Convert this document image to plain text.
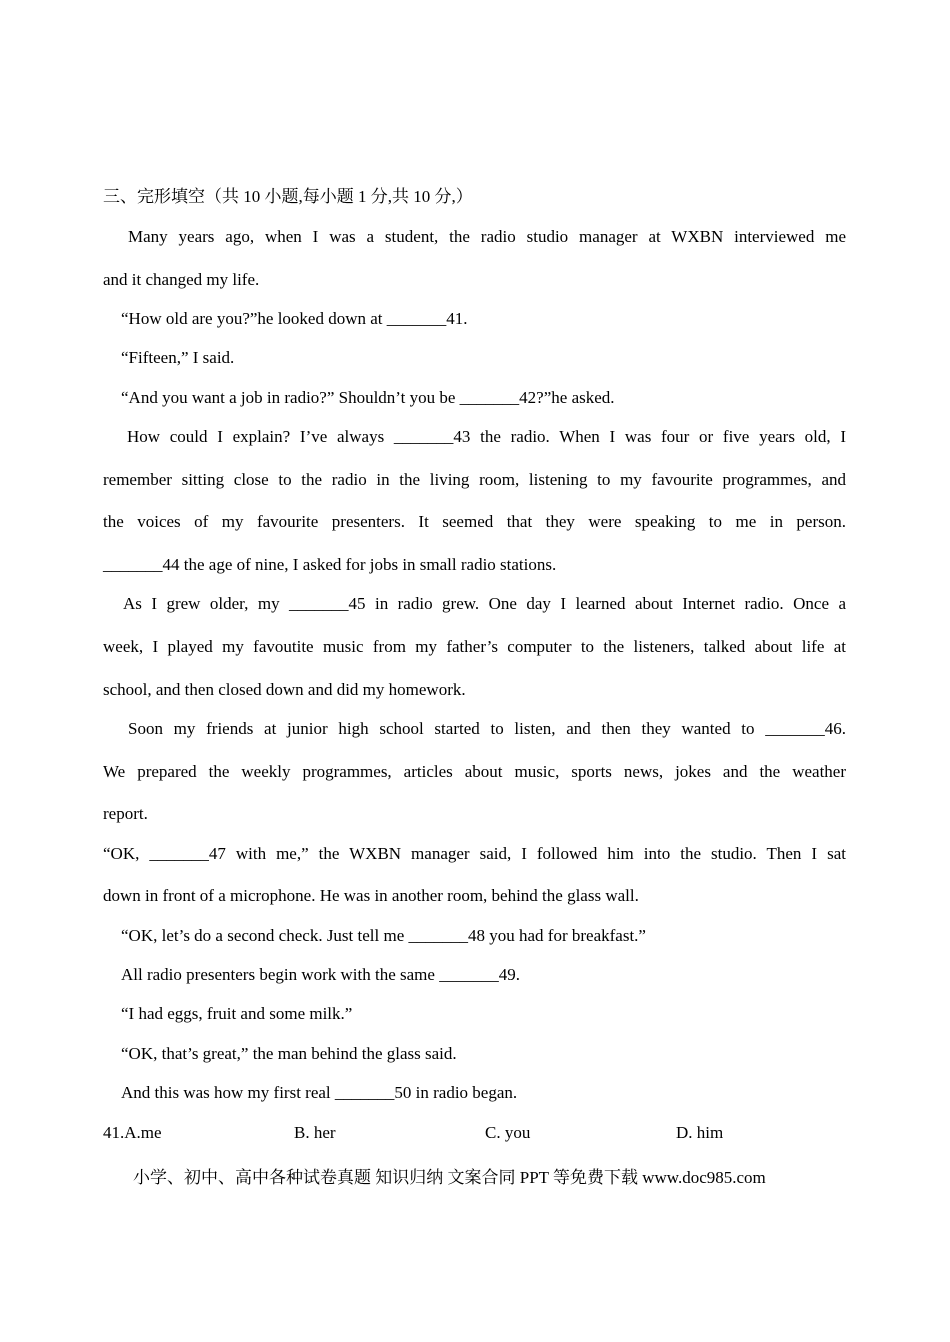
三、完形填空（共 10 小题,每小题 1 分,共 10 分,）
Many years ago, when I was a student, the radio studio manager at WXBN interviewed me
and it changed my life.
“How old are you?”he looked down at _______41.
“Fifteen,” I said.
“And you want a job in radio?” Shouldn’t you be _______42?”he asked.
How could I explain? I’ve always _______43 the radio. When I was four or five years old, I
remember sitting close to the radio in the living room, listening to my favourite programmes, and
the voices of my favourite presenters. It seemed that they were speaking to me in person.
_______44 the age of nine, I asked for jobs in small radio stations.
As I grew older, my _______45 in radio grew. One day I learned about Internet radio. Once a
week, I played my favoutite music from my father’s computer to the listeners, talked about life at
school, and then closed down and did my homework.
Soon my friends at junior high school started to listen, and then they wanted to _______46.
We prepared the weekly programmes, articles about music, sports news, jokes and the weather
report.
“OK, _______47 with me,” the WXBN manager said, I followed him into the studio. Then I sat
down in front of a microphone. He was in another room, behind the glass wall.
“OK, let’s do a second check. Just tell me _______48 you had for breakfast.”
All radio presenters begin work with the same _______49.
“I had eggs, fruit and some milk.”
“OK, that’s great,” the man behind the glass said.
And this was how my first real _______50 in radio began.
41.A.me	B. her	C. you	D. him
小学、初中、高中各种试卷真题 知识归纳 文案合同 PPT 等免费下载 www.doc985.com
